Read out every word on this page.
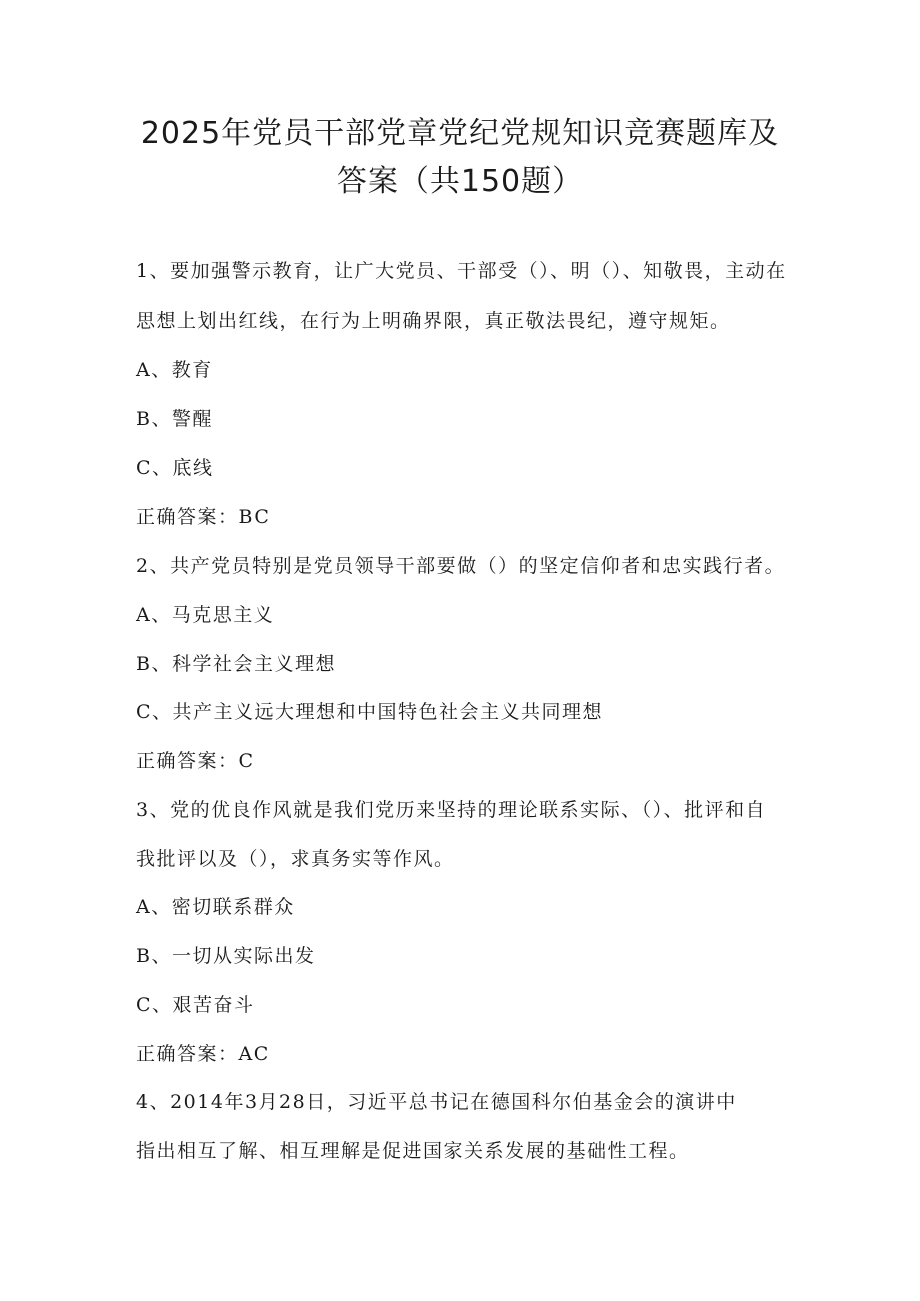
2025年党员干部党章党纪党规知识竞赛题库及
答案（共150题）
1、要加强警示教育，让广大党员、干部受（）、明（）、知敬畏，主动在
思想上划出红线，在行为上明确界限，真正敬法畏纪，遵守规矩。
A、教育
B、警醒
C、底线
正确答案：BC
2、共产党员特别是党员领导干部要做（）的坚定信仰者和忠实践行者。
A、马克思主义
B、科学社会主义理想
C、共产主义远大理想和中国特色社会主义共同理想
正确答案：C
3、党的优良作风就是我们党历来坚持的理论联系实际、（）、批评和自
我批评以及（），求真务实等作风。
A、密切联系群众
B、一切从实际出发
C、艰苦奋斗
正确答案：AC
4、2014年3月28日，习近平总书记在德国科尔伯基金会的演讲中
指出相互了解、相互理解是促进国家关系发展的基础性工程。
